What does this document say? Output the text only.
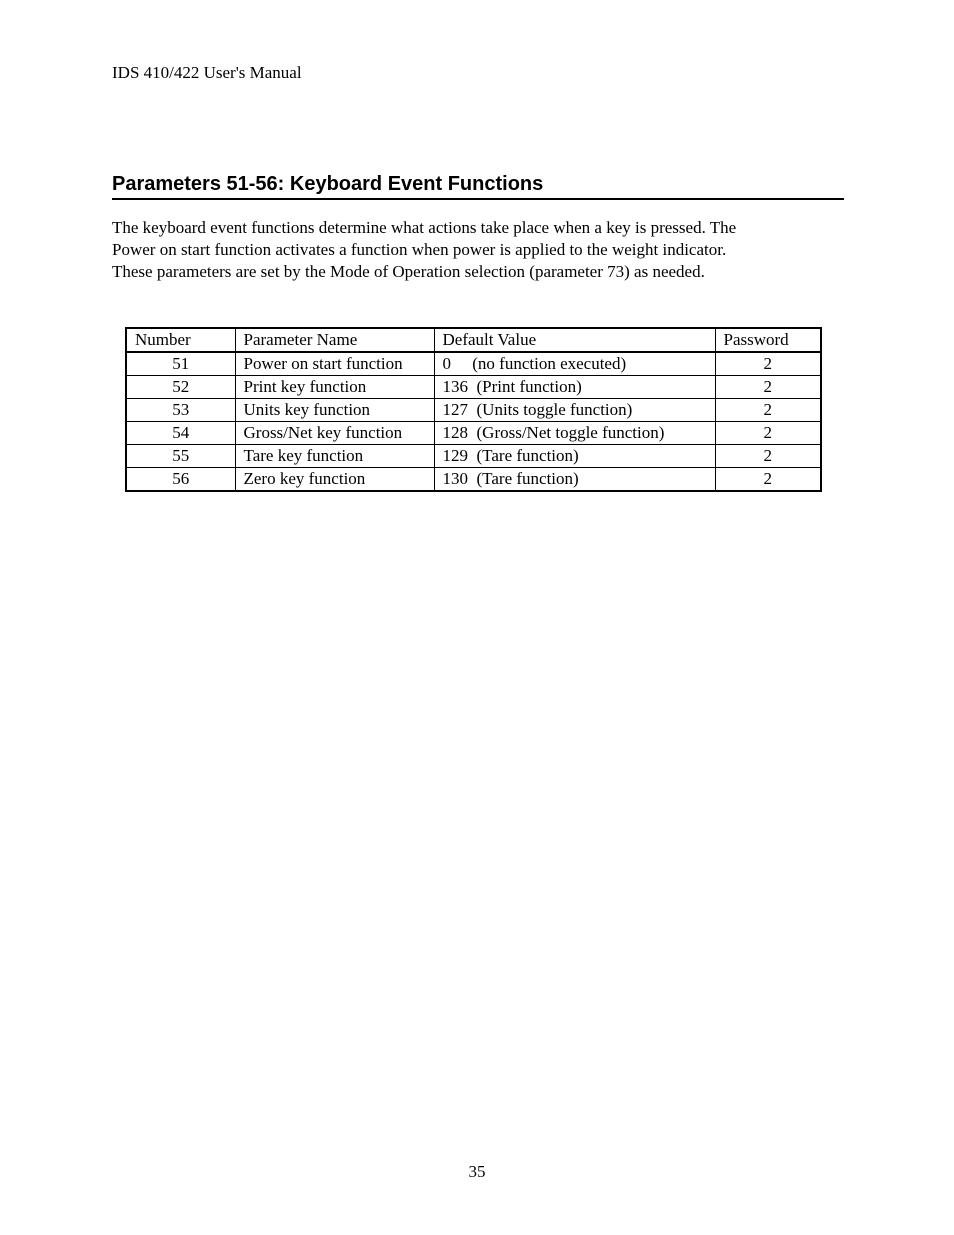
IDS 410/422 User's Manual
Parameters 51-56: Keyboard Event Functions

The keyboard event functions determine what actions take place when a key is pressed. The
Power on start function activates a function when power is applied to the weight indicator.
These parameters are set by the Mode of Operation selection (parameter 73) as needed.

Number	Parameter Name	Default Value	Password
51	Power on start function	0     (no function executed)	2
52	Print key function	136  (Print function)	2
53	Units key function	127  (Units toggle function)	2
54	Gross/Net key function	128  (Gross/Net toggle function)	2
55	Tare key function	129  (Tare function)	2
56	Zero key function	130  (Tare function)	2
35
